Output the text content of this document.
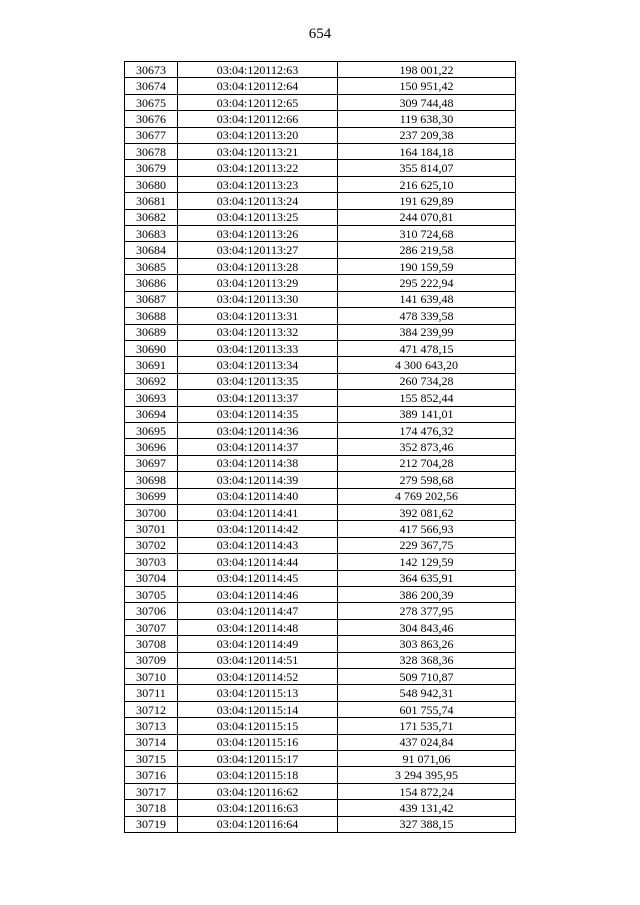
654
30673	03:04:120112:63	198 001,22
30674	03:04:120112:64	150 951,42
30675	03:04:120112:65	309 744,48
30676	03:04:120112:66	119 638,30
30677	03:04:120113:20	237 209,38
30678	03:04:120113:21	164 184,18
30679	03:04:120113:22	355 814,07
30680	03:04:120113:23	216 625,10
30681	03:04:120113:24	191 629,89
30682	03:04:120113:25	244 070,81
30683	03:04:120113:26	310 724,68
30684	03:04:120113:27	286 219,58
30685	03:04:120113:28	190 159,59
30686	03:04:120113:29	295 222,94
30687	03:04:120113:30	141 639,48
30688	03:04:120113:31	478 339,58
30689	03:04:120113:32	384 239,99
30690	03:04:120113:33	471 478,15
30691	03:04:120113:34	4 300 643,20
30692	03:04:120113:35	260 734,28
30693	03:04:120113:37	155 852,44
30694	03:04:120114:35	389 141,01
30695	03:04:120114:36	174 476,32
30696	03:04:120114:37	352 873,46
30697	03:04:120114:38	212 704,28
30698	03:04:120114:39	279 598,68
30699	03:04:120114:40	4 769 202,56
30700	03:04:120114:41	392 081,62
30701	03:04:120114:42	417 566,93
30702	03:04:120114:43	229 367,75
30703	03:04:120114:44	142 129,59
30704	03:04:120114:45	364 635,91
30705	03:04:120114:46	386 200,39
30706	03:04:120114:47	278 377,95
30707	03:04:120114:48	304 843,46
30708	03:04:120114:49	303 863,26
30709	03:04:120114:51	328 368,36
30710	03:04:120114:52	509 710,87
30711	03:04:120115:13	548 942,31
30712	03:04:120115:14	601 755,74
30713	03:04:120115:15	171 535,71
30714	03:04:120115:16	437 024,84
30715	03:04:120115:17	91 071,06
30716	03:04:120115:18	3 294 395,95
30717	03:04:120116:62	154 872,24
30718	03:04:120116:63	439 131,42
30719	03:04:120116:64	327 388,15
